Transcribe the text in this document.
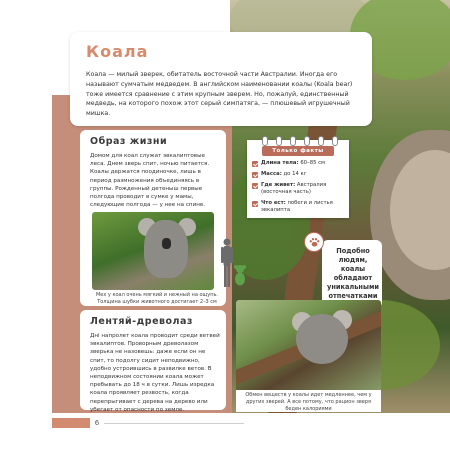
Коала
Коала — милый зверек, обитатель восточной части Австралии. Иногда его называют сумчатым медведем. В английском наименовании коалы (Koala bear) тоже имеется сравнение с этим крупным зверем. Но, пожалуй, единственный медведь, на которого похож этот серый симпатяга, — плюшевый игрушечный мишка.
Образ жизни
Домом для коал служат эвкалиптовые леса. Днем зверь спит, ночью питается. Коалы держатся поодиночке, лишь в период размножения объединяясь в группы. Рожденный детеныш первые полгода проводит в сумке у мамы, следующие полгода — у нее на спине.
Мех у коал очень мягкий и нежный на ощупь. Толщина шубки животного достигает 2–3 см
Только факты
Длина тела: 60–85 см
Масса: до 14 кг
Где живет: Австралия (восточная часть)
Что ест: побеги и листья эвкалипта
Подобно людям, коалы обладают уникальными отпечатками
Лентяй-древолаз
Днi напролет коала проводит среди ветвей эвкалиптов. Проворным древолазом зверька не назовешь: даже если он не спит, то подолгу сидит неподвижно, удобно устроившись в развилке ветов. В неподвижном состоянии коала может пребывать до 18 ч в сутки. Лишь изредка коала проявляет резвость, когда перепрыгивает с дерева на дерево или убегает от опасности по земле.
Обмен веществ у коалы идет медленнее, чем у других зверей. А все потому, что рацион зверя беден калориями
6
